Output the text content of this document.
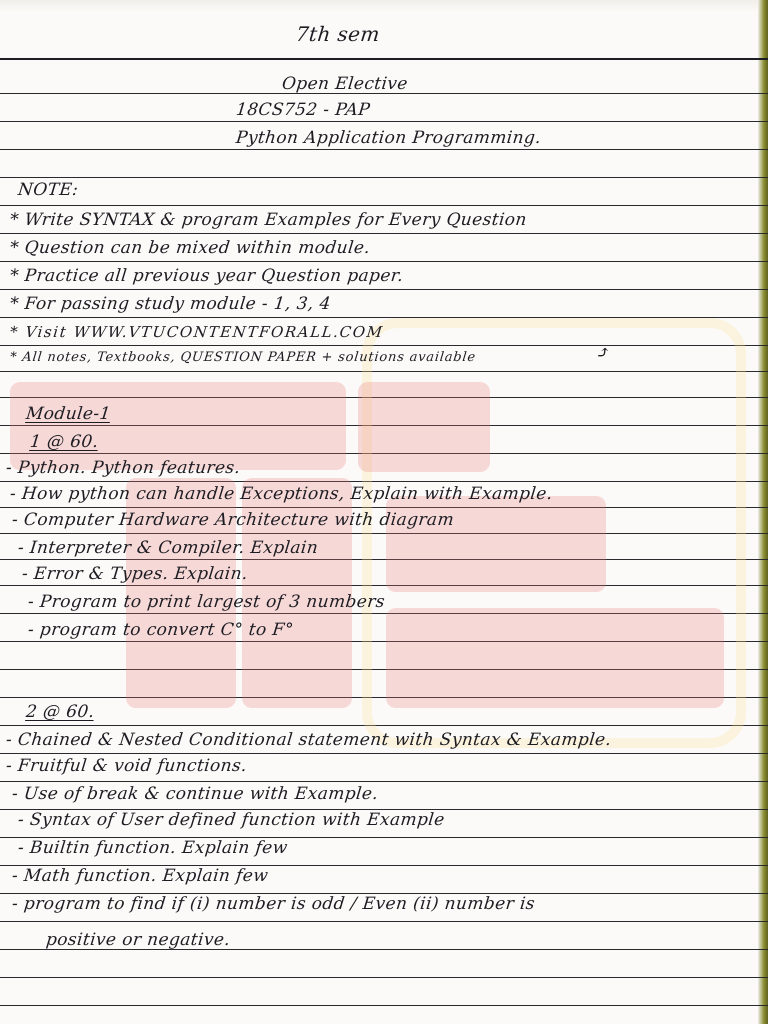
7th sem
Open Elective
18CS752 - PAP
Python Application Programming.
NOTE:
* Write SYNTAX & program Examples for Every Question
* Question can be mixed within module.
* Practice all previous year Question paper.
* For passing study module - 1, 3, 4
* Visit WWW.VTUCONTENTFORALL.COM
* All notes, Textbooks, QUESTION PAPER + solutions available	⤴
Module-1
1 @ 60.
- Python. Python features.
- How python can handle Exceptions, Explain with Example.
- Computer Hardware Architecture with diagram
- Interpreter & Compiler. Explain
- Error & Types. Explain.
- Program to print largest of 3 numbers
- program to convert C° to F°
2 @ 60.
- Chained & Nested Conditional statement with Syntax & Example.
- Fruitful & void functions.
- Use of break & continue with Example.
- Syntax of User defined function with Example
- Builtin function. Explain few
- Math function. Explain few
- program to find if (i) number is odd / Even (ii) number is
positive or negative.
